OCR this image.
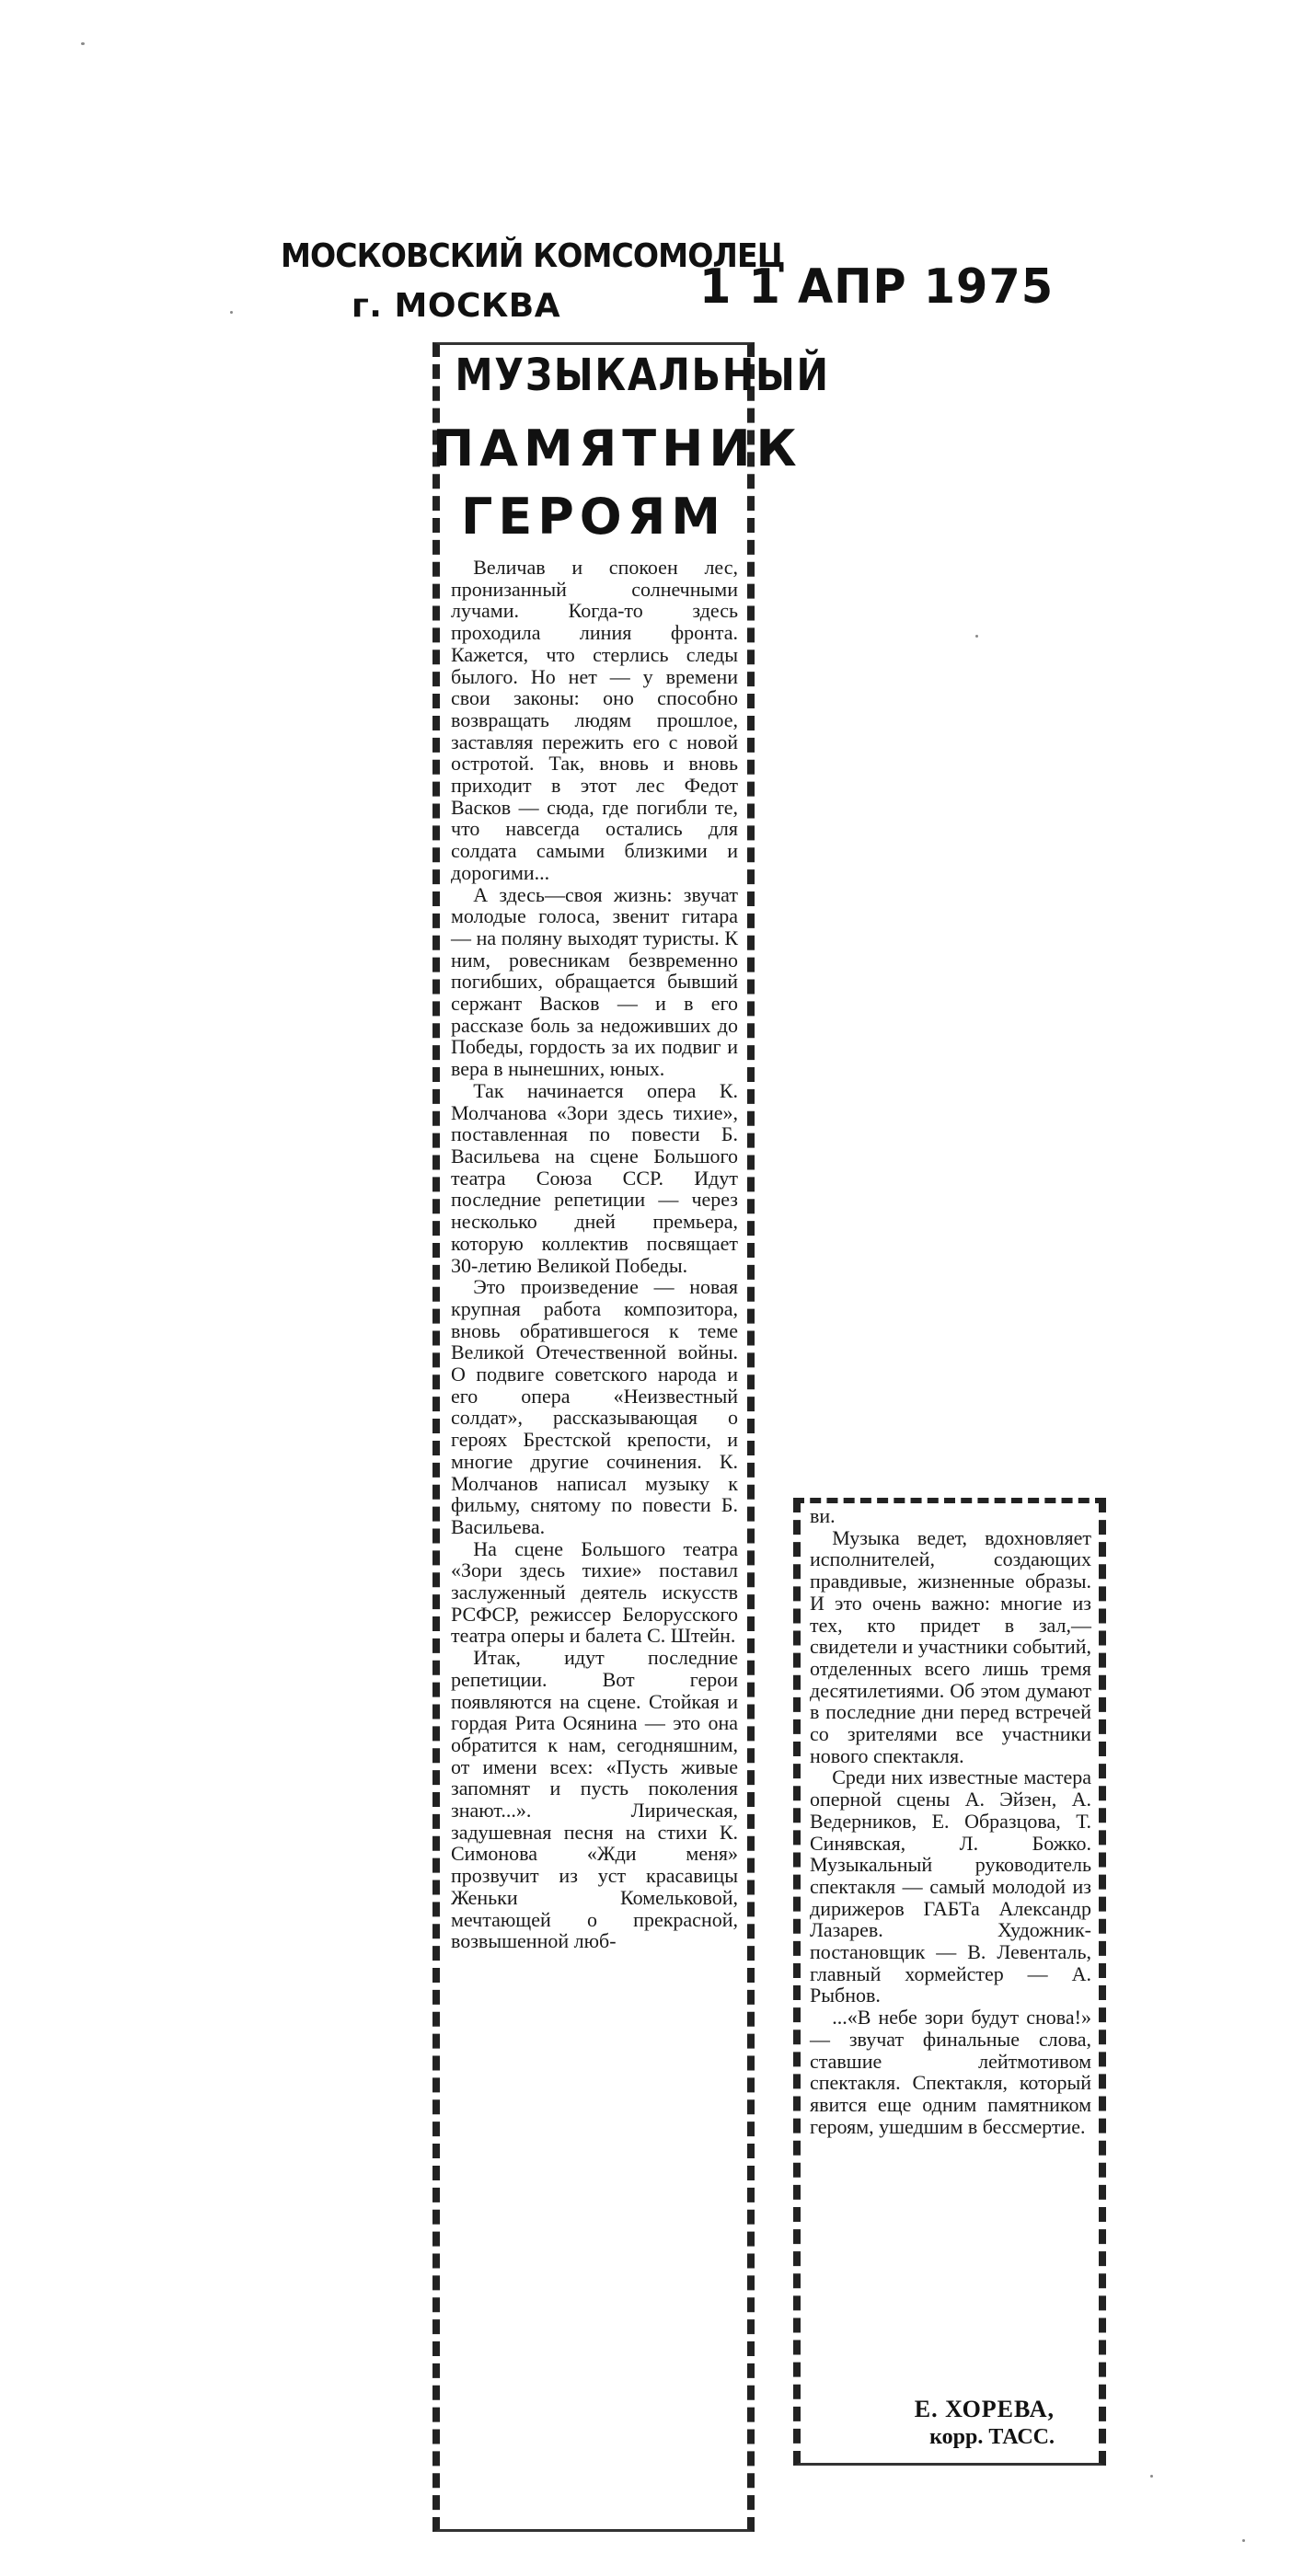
МОСКОВСКИЙ КОМСОМОЛЕЦ
г. МОСКВА	1 1 АПР 1975
МУЗЫКАЛЬНЫЙ
ПАМЯТНИК
ГЕРОЯМ

Величав и спокоен лес, пронизанный солнечными лучами. Когда-то здесь проходила линия фронта. Кажется, что стерлись следы былого. Но нет — у времени свои законы: оно способно возвращать людям прошлое, заставляя пережить его с новой остротой. Так, вновь и вновь приходит в этот лес Федот Васков — сюда, где погибли те, что навсегда остались для солдата самыми близкими и дорогими...

А здесь—своя жизнь: звучат молодые голоса, звенит гитара — на поляну выходят туристы. К ним, ровесникам безвременно погибших, обращается бывший сержант Васков — и в его рассказе боль за недоживших до Победы, гордость за их подвиг и вера в нынешних, юных.

Так начинается опера К. Молчанова «Зори здесь тихие», поставленная по повести Б. Васильева на сцене Большого театра Союза ССР. Идут последние репетиции — через несколько дней премьера, которую коллектив посвящает 30-летию Великой Победы.

Это произведение — новая крупная работа композитора, вновь обратившегося к теме Великой Отечественной войны. О подвиге советского народа и его опера «Неизвестный солдат», рассказывающая о героях Брестской крепости, и многие другие сочинения. К. Молчанов написал музыку к фильму, снятому по повести Б. Васильева.

На сцене Большого театра «Зори здесь тихие» поставил заслуженный деятель искусств РСФСР, режиссер Белорусского театра оперы и балета С. Штейн.

Итак, идут последние репетиции. Вот герои появляются на сцене. Стойкая и гордая Рита Осянина — это она обратится к нам, сегодняшним, от имени всех: «Пусть живые запомнят и пусть поколения знают...». Лирическая, задушевная песня на стихи К. Симонова «Жди меня» прозвучит из уст красавицы Женьки Комельковой, мечтающей о прекрасной, возвышенной люб-

ви.

Музыка ведет, вдохновляет исполнителей, создающих правдивые, жизненные образы. И это очень важно: многие из тех, кто придет в зал,— свидетели и участники событий, отделенных всего лишь тремя десятилетиями. Об этом думают в последние дни перед встречей со зрителями все участники нового спектакля.

Среди них известные мастера оперной сцены А. Эйзен, А. Ведерников, Е. Образцова, Т. Синявская, Л. Божко. Музыкальный руководитель спектакля — самый молодой из дирижеров ГАБТа Александр Лазарев. Художник-постановщик — В. Левенталь, главный хормейстер — А. Рыбнов.

...«В небе зори будут снова!» — звучат финальные слова, ставшие лейтмотивом спектакля. Спектакля, который явится еще одним памятником героям, ушедшим в бессмертие.

Е. ХОРЕВА,
корр. ТАСС.
